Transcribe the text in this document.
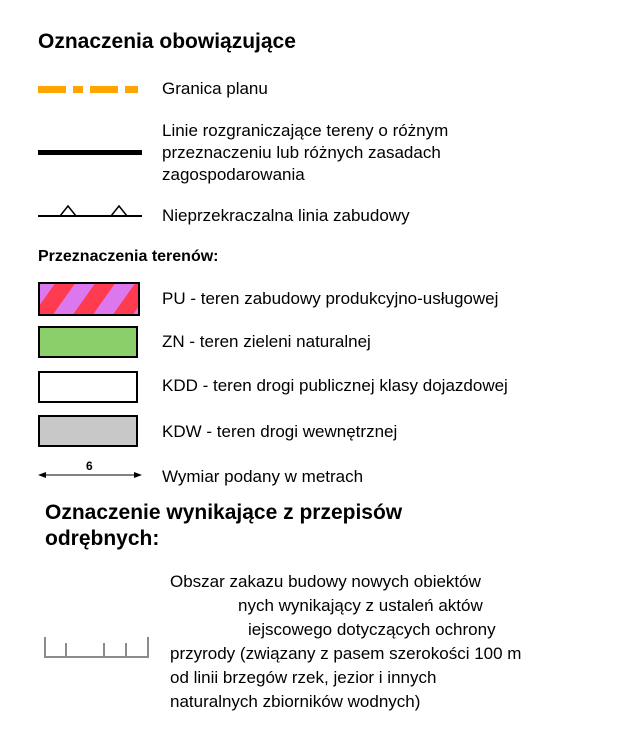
Oznaczenia obowiązujące
Granica planu
Linie rozgraniczające tereny o różnym
przeznaczeniu lub różnych zasadach
zagospodarowania
Nieprzekraczalna linia zabudowy
Przeznaczenia terenów:
PU - teren zabudowy produkcyjno-usługowej
ZN - teren zieleni naturalnej
KDD - teren drogi publicznej klasy dojazdowej
KDW - teren drogi wewnętrznej
6
Wymiar podany w metrach
Oznaczenie wynikające z przepisów
odrębnych:
Obszar zakazu budowy nowych obiektów
nych wynikający z ustaleń aktów
iejscowego dotyczących ochrony
przyrody (związany z pasem szerokości 100 m
od linii brzegów rzek, jezior i innych
naturalnych zbiorników wodnych)
